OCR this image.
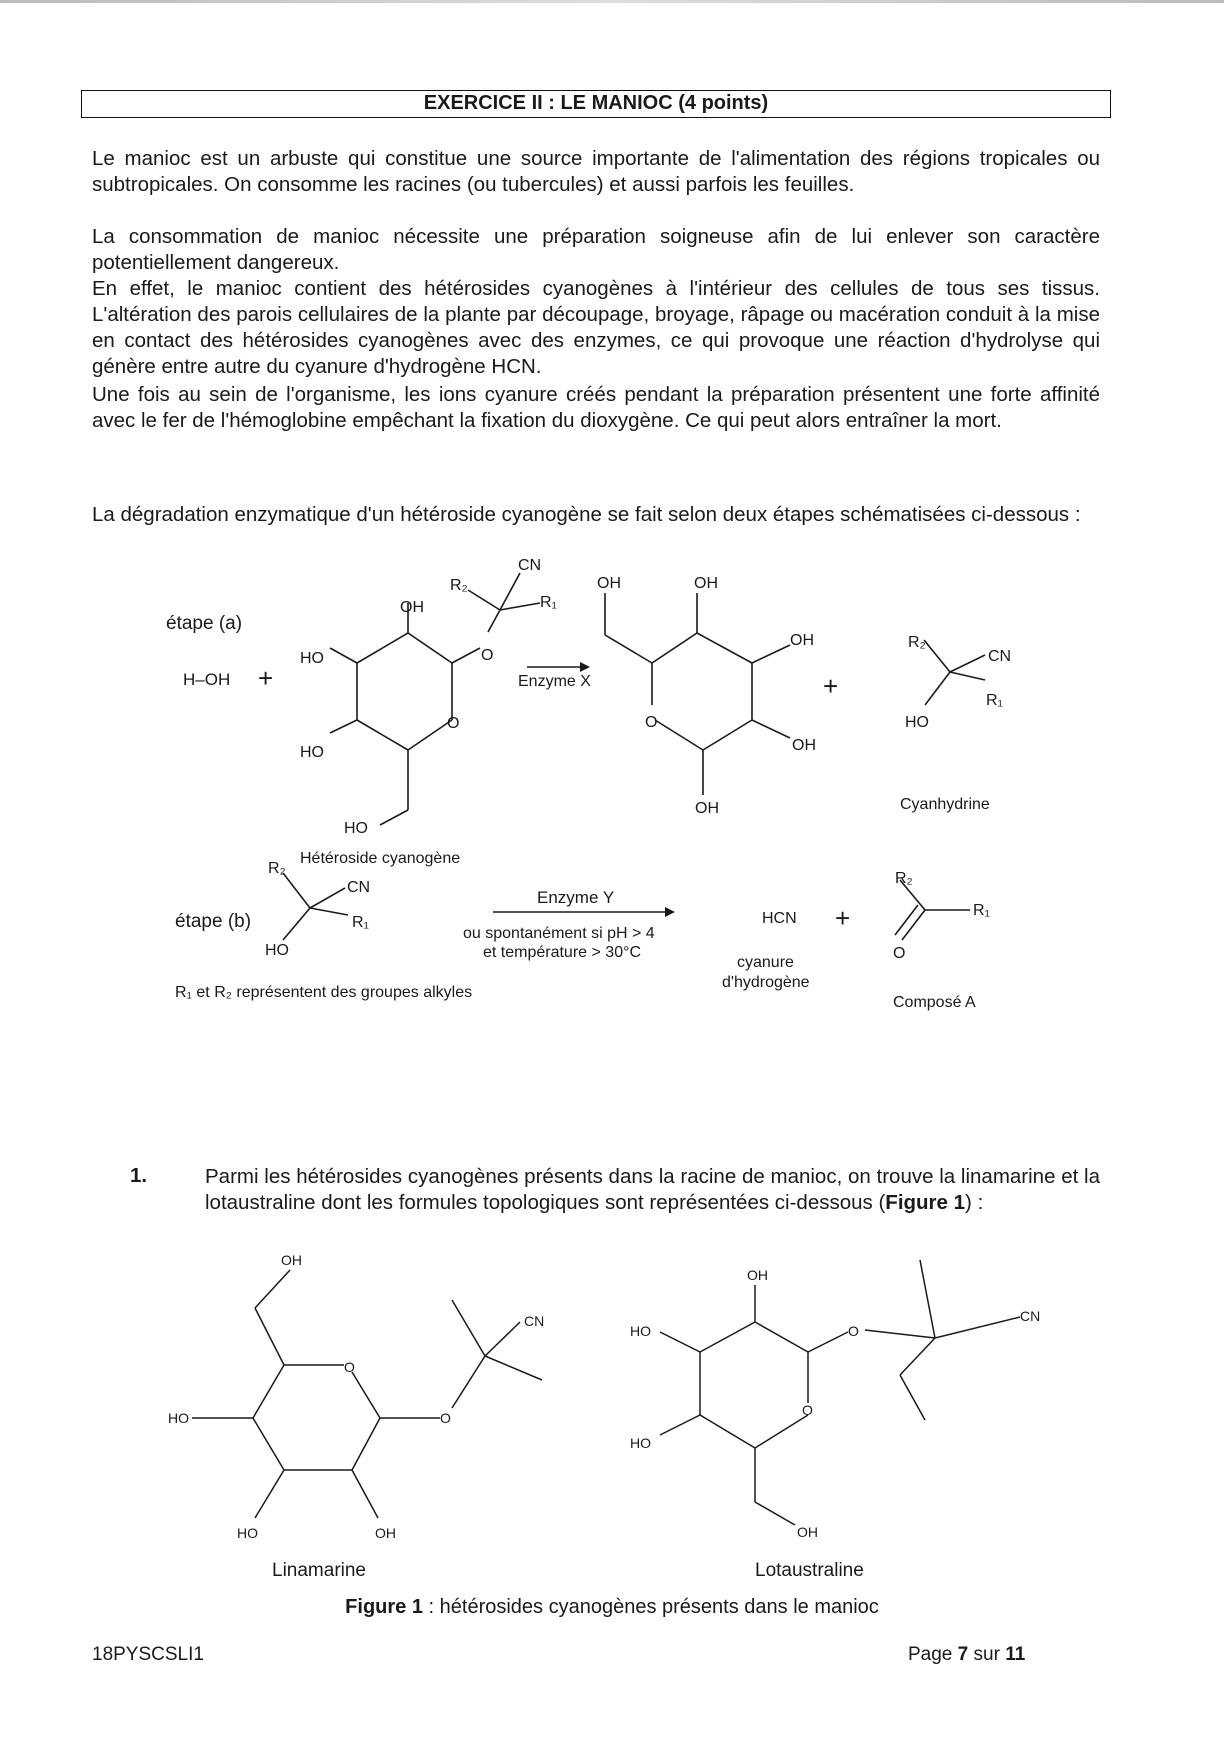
EXERCICE II : LE MANIOC (4 points)

Le manioc est un arbuste qui constitue une source importante de l'alimentation des régions tropicales ou subtropicales. On consomme les racines (ou tubercules) et aussi parfois les feuilles.

La consommation de manioc nécessite une préparation soigneuse afin de lui enlever son caractère potentiellement dangereux.

En effet, le manioc contient des hétérosides cyanogènes à l'intérieur des cellules de tous ses tissus. L'altération des parois cellulaires de la plante par découpage, broyage, râpage ou macération conduit à la mise en contact des hétérosides cyanogènes avec des enzymes, ce qui provoque une réaction d'hydrolyse qui génère entre autre du cyanure d'hydrogène HCN.

Une fois au sein de l'organisme, les ions cyanure créés pendant la préparation présentent une forte affinité avec le fer de l'hémoglobine empêchant la fixation du dioxygène. Ce qui peut alors entraîner la mort.

La dégradation enzymatique d'un hétéroside cyanogène se fait selon deux étapes schématisées ci-dessous :

étape (a)
H–OH +
OH
HO
HO
HO
O
O
R₂
CN
R₁
Enzyme X
Hétéroside cyanogène
OH	OH
OH
OH
OH
O
+
R₂
CN
R₁
HO
Cyanhydrine
étape (b)
R₂
CN
R₁
HO
Enzyme Y
ou spontanément si pH > 4
et température > 30°C
HCN +
cyanure
d'hydrogène
R₂
R₁
O
Composé A
R₁ et R₂ représentent des groupes alkyles
1.	Parmi les hétérosides cyanogènes présents dans la racine de manioc, on trouve la linamarine et la lotaustraline dont les formules topologiques sont représentées ci-dessous (Figure 1) :

OH
O
CN
HO	O
HO	OH
Linamarine
OH
HO	O
CN
O
HO
OH
Lotaustraline
Figure 1 : hétérosides cyanogènes présents dans le manioc
18PYSCSLI1	Page 7 sur 11
